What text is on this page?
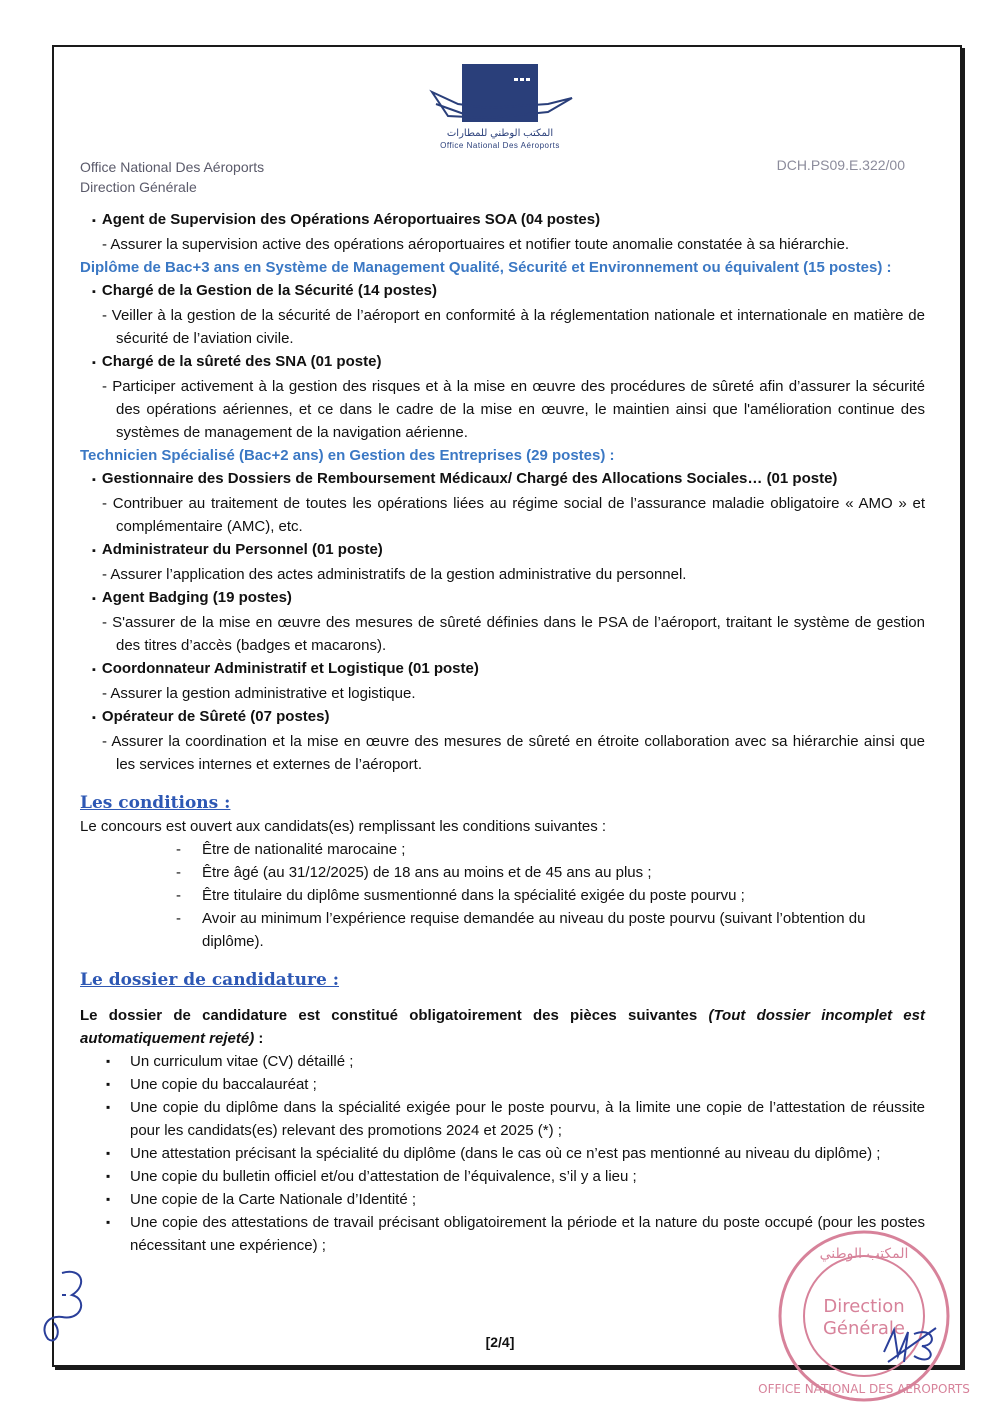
المكتب الوطني للمطارات
Office National Des Aéroports
Office National Des Aéroports
Direction Générale
DCH.PS09.E.322/00
▪ Agent de Supervision des Opérations Aéroportuaires SOA (04 postes)
- Assurer la supervision active des opérations aéroportuaires et notifier toute anomalie constatée à sa hiérarchie.
Diplôme de Bac+3 ans en Système de Management Qualité, Sécurité et Environnement ou équivalent (15 postes) :
▪ Chargé de la Gestion de la Sécurité (14 postes)
- Veiller à la gestion de la sécurité de l’aéroport en conformité à la réglementation nationale et internationale en matière de sécurité de l’aviation civile.
▪ Chargé de la sûreté des SNA (01 poste)
- Participer activement à la gestion des risques et à la mise en œuvre des procédures de sûreté afin d’assurer la sécurité des opérations aériennes, et ce dans le cadre de la mise en œuvre, le maintien ainsi que l'amélioration continue des systèmes de management de la navigation aérienne.
Technicien Spécialisé (Bac+2 ans) en Gestion des Entreprises (29 postes) :
▪ Gestionnaire des Dossiers de Remboursement Médicaux/ Chargé des Allocations Sociales… (01 poste)
- Contribuer au traitement de toutes les opérations liées au régime social de l’assurance maladie obligatoire « AMO » et complémentaire (AMC), etc.
▪ Administrateur du Personnel (01 poste)
- Assurer l’application des actes administratifs de la gestion administrative du personnel.
▪ Agent Badging (19 postes)
- S'assurer de la mise en œuvre des mesures de sûreté définies dans le PSA de l’aéroport, traitant le système de gestion des titres d’accès (badges et macarons).
▪ Coordonnateur Administratif et Logistique (01 poste)
- Assurer la gestion administrative et logistique.
▪ Opérateur de Sûreté (07 postes)
- Assurer la coordination et la mise en œuvre des mesures de sûreté en étroite collaboration avec sa hiérarchie ainsi que les services internes et externes de l’aéroport.
Les conditions :
Le concours est ouvert aux candidats(es) remplissant les conditions suivantes :
- Être de nationalité marocaine ;
- Être âgé (au 31/12/2025) de 18 ans au moins et de 45 ans au plus ;
- Être titulaire du diplôme susmentionné dans la spécialité exigée du poste pourvu ;
- Avoir au minimum l’expérience requise demandée au niveau du poste pourvu (suivant l’obtention du diplôme).
Le dossier de candidature :
Le dossier de candidature est constitué obligatoirement des pièces suivantes (Tout dossier incomplet est automatiquement rejeté) :
▪ Un curriculum vitae (CV) détaillé ;
▪ Une copie du baccalauréat ;
▪ Une copie du diplôme dans la spécialité exigée pour le poste pourvu, à la limite une copie de l’attestation de réussite pour les candidats(es) relevant des promotions 2024 et 2025 (*) ;
▪ Une attestation précisant la spécialité du diplôme (dans le cas où ce n’est pas mentionné au niveau du diplôme) ;
▪ Une copie du bulletin officiel et/ou d’attestation de l’équivalence, s’il y a lieu ;
▪ Une copie de la Carte Nationale d’Identité ;
▪ Une copie des attestations de travail précisant obligatoirement la période et la nature du poste occupé (pour les postes nécessitant une expérience) ;
[2/4]
المكتب الوطني
Direction
Générale
OFFICE NATIONAL DES AEROPORTS
